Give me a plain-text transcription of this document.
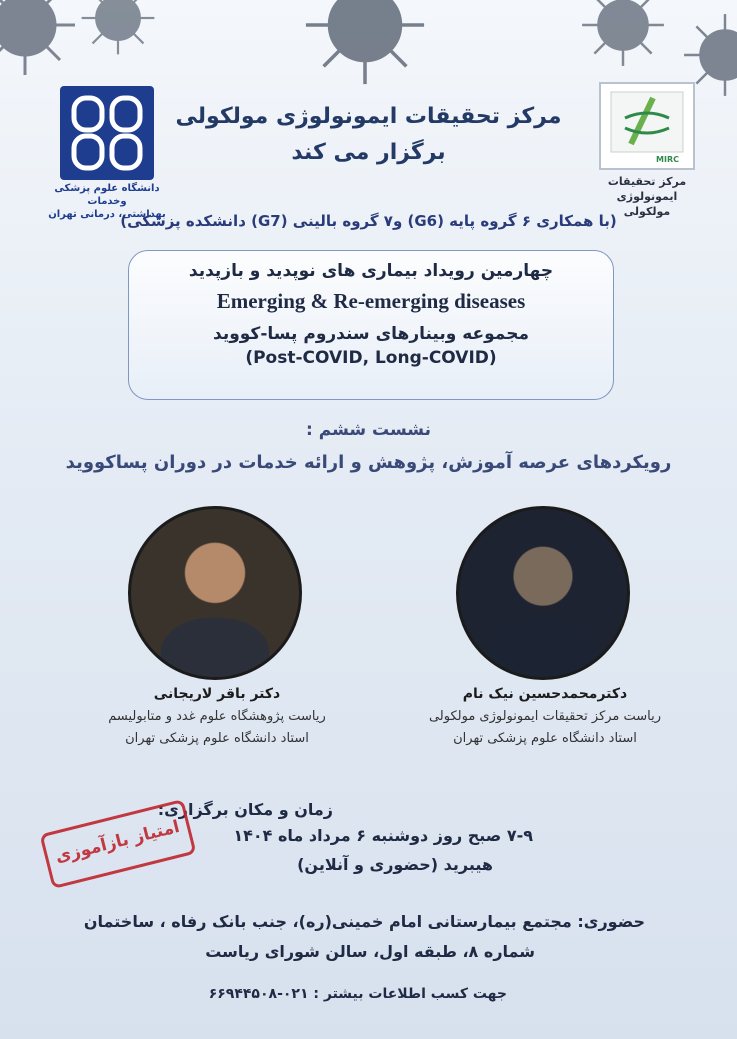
دانشگاه علوم پزشکی وخدمات
بهداشتی، درمانی تهران
MIRC
مرکز تحقیقات
ایمونولوژی مولکولی
مرکز تحقیقات ایمونولوژی مولکولی
برگزار می کند
(با همکاری ۶ گروه پایه (G6) و۷ گروه بالینی (G7) دانشکده پزشکی)
چهارمین رویداد بیماری های نوپدید و بازپدید
Emerging & Re-emerging diseases
مجموعه وبینارهای سندروم پسا-کووید
(Post-COVID, Long-COVID)
نشست ششم :
رویکردهای عرصه آموزش، پژوهش و ارائه خدمات در دوران پساکووید
دکترمحمدحسین نیک نام
ریاست مرکز تحقیقات ایمونولوژی مولکولی
استاد دانشگاه علوم پزشکی تهران
دکتر باقر لاریجانی
ریاست پژوهشگاه علوم غدد و متابولیسم
استاد دانشگاه علوم پزشکی تهران
زمان و مکان برگزاری:
۷-۹ صبح روز دوشنبه ۶ مرداد ماه ۱۴۰۴
هیبرید (حضوری و آنلاین)
امتیاز بازآموزی
حضوری: مجتمع بیمارستانی امام خمینی(ره)، جنب بانک رفاه ، ساختمان
شماره ۸، طبقه اول، سالن شورای ریاست
جهت کسب اطلاعات بیشتر : ۰۲۱-۶۶۹۴۴۵۰۸
